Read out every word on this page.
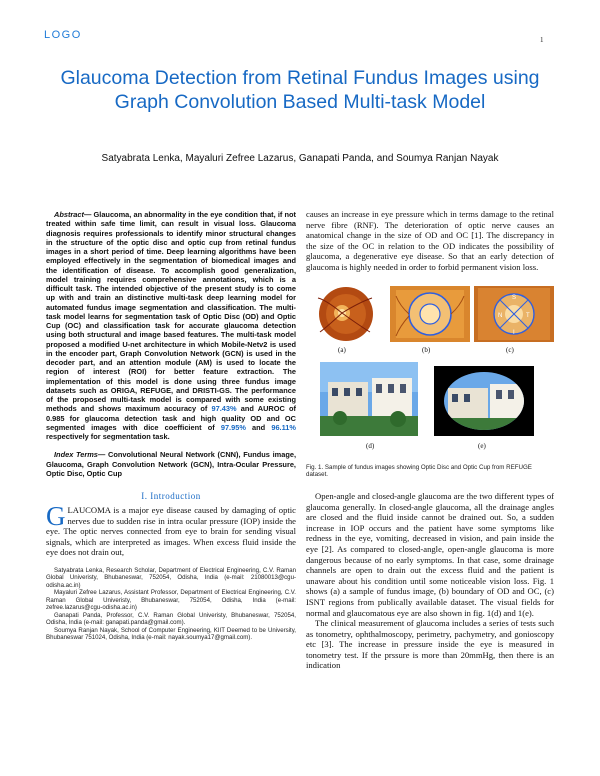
LOGO	1
Glaucoma Detection from Retinal Fundus Images using Graph Convolution Based Multi-task Model
Satyabrata Lenka, Mayaluri Zefree Lazarus, Ganapati Panda, and Soumya Ranjan Nayak

Abstract— Glaucoma, an abnormality in the eye condition that, if not treated within safe time limit, can result in visual loss. Glaucoma diagnosis requires professionals to identify minor structural changes in the structure of the optic disc and optic cup from retinal fundus images in a short period of time. Deep learning algorithms have been employed effectively in the segmentation of biomedical images and the identification of disease. To accomplish good generalization, model training requires comprehensive annotations, which is a difficult task. The intended objective of the present study is to come up with and train an distinctive multi-task deep learning model for automated fundus image segmentation and classification. The multi-task model learns for segmentation task of Optic Disc (OD) and Optic Cup (OC) and classification task for accurate glaucoma detection using both structural and image based features. The multi-task model proposed a modified U-net architecture in which Mobile-Netv2 is used in the encoder part, Graph Convolution Network (GCN) is used in the decoder part, and an attention module (AM) is used to locate the region of interest (ROI) for better feature extraction. The implementation of this model is done using three fundus image datasets such as ORIGA, REFUGE, and DRISTI-GS. The performance of the proposed multi-task model is compared with some existing methods and shows maximum accuracy of 97.43% and AUROC of 0.985 for glaucoma detection task and high quality OD and OC segmented images with dice coefficient of 97.95% and 96.11% respectively for segmentation task.

Index Terms— Convolutional Neural Network (CNN), Fundus image, Glaucoma, Graph Convolution Network (GCN), Intra-Ocular Pressure, Optic Disc, Optic Cup

I. Introduction

GLAUCOMA is a major eye disease caused by damaging of optic nerves due to sudden rise in intra ocular pressure (IOP) inside the eye. The optic nerves connected from eye to brain for sending visual signals, which are interpreted as images. When excess fluid inside the eye does not drain out,

Satyabrata Lenka, Research Scholar, Department of Electrical Engineering, C.V. Raman Global Univeristy, Bhubaneswar, 752054, Odisha, India (e-mail: 21080013@cgu-odisha.ac.in)

Mayaluri Zefree Lazarus, Assistant Professor, Department of Electrical Engineering, C.V. Raman Global Univeristy, Bhubaneswar, 752054, Odisha, India (e-mail: zefree.lazarus@cgu-odisha.ac.in)

Ganapati Panda, Professor, C.V. Raman Global Univeristy, Bhubaneswar, 752054, Odisha, India (e-mail: ganapati.panda@gmail.com).

Soumya Ranjan Nayak, School of Computer Engineering, KIIT Deemed to be University, Bhubaneswar 751024, Odisha, India (e-mail: nayak.soumya17@gmail.com).

causes an increase in eye pressure which in terms damage to the retinal nerve fibre (RNF). The deterioration of optic nerve causes an anatomical change in the size of OD and OC [1]. The discrepancy in the size of the OC in relation to the OD indicates the possibility of glaucoma, a degenerative eye disease. So that an early detection of glaucoma is highly needed in order to forbid permanent vision loss.

N	T
I
S
(a)	(b)	(c)
(d)	(e)
Fig. 1. Sample of fundus images showing Optic Disc and Optic Cup from REFUGE dataset.

Open-angle and closed-angle glaucoma are the two different types of glaucoma generally. In closed-angle glaucoma, all the drainage angles are closed and the fluid inside cannot be drained out. So, a sudden increase in IOP occurs and the patient have some symptoms like redness in the eye, vomiting, decreased in vision, and pain inside the eye [2]. As compared to closed-angle, open-angle glaucoma is more dangerous because of no early symptoms. In that case, some drainage channels are open to drain out the excess fluid and the patient is unaware about his condition until some noticeable vision loss. Fig. 1 shows (a) a sample of fundus image, (b) boundary of OD and OC, (c) ISNT regions from publically available dataset. The visual fields for normal and glaucomatous eye are also shown in fig. 1(d) and 1(e).

The clinical measurement of glaucoma includes a series of tests such as tonometry, ophthalmoscopy, perimetry, pachymetry, and gonioscopy etc [3]. The increase in pressure inside the eye is measured in tonometry test. If the prssure is more than 20mmHg, then there is an indication
